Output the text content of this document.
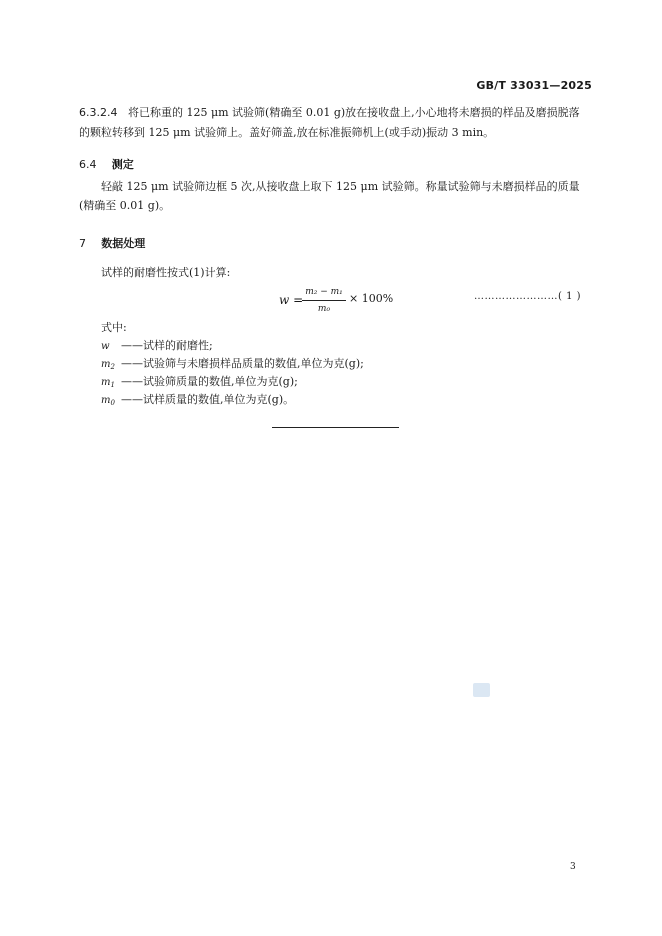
GB/T 33031—2025
6.3.2.4 将已称重的 125 μm 试验筛(精确至 0.01 g)放在接收盘上,小心地将未磨损的样品及磨损脱落
的颗粒转移到 125 μm 试验筛上。盖好筛盖,放在标准振筛机上(或手动)振动 3 min。
6.4 测定
轻敲 125 μm 试验筛边框 5 次,从接收盘上取下 125 μm 试验筛。称量试验筛与未磨损样品的质量
(精确至 0.01 g)。
7 数据处理
试样的耐磨性按式(1)计算:
w =
m₂ − m₁
m₀
× 100%	……………………( 1 )
式中:
w ——试样的耐磨性;
$m_2$ ——试验筛与未磨损样品质量的数值,单位为克(g);
$m_1$ ——试验筛质量的数值,单位为克(g);
$m_0$ ——试样质量的数值,单位为克(g)。
3
